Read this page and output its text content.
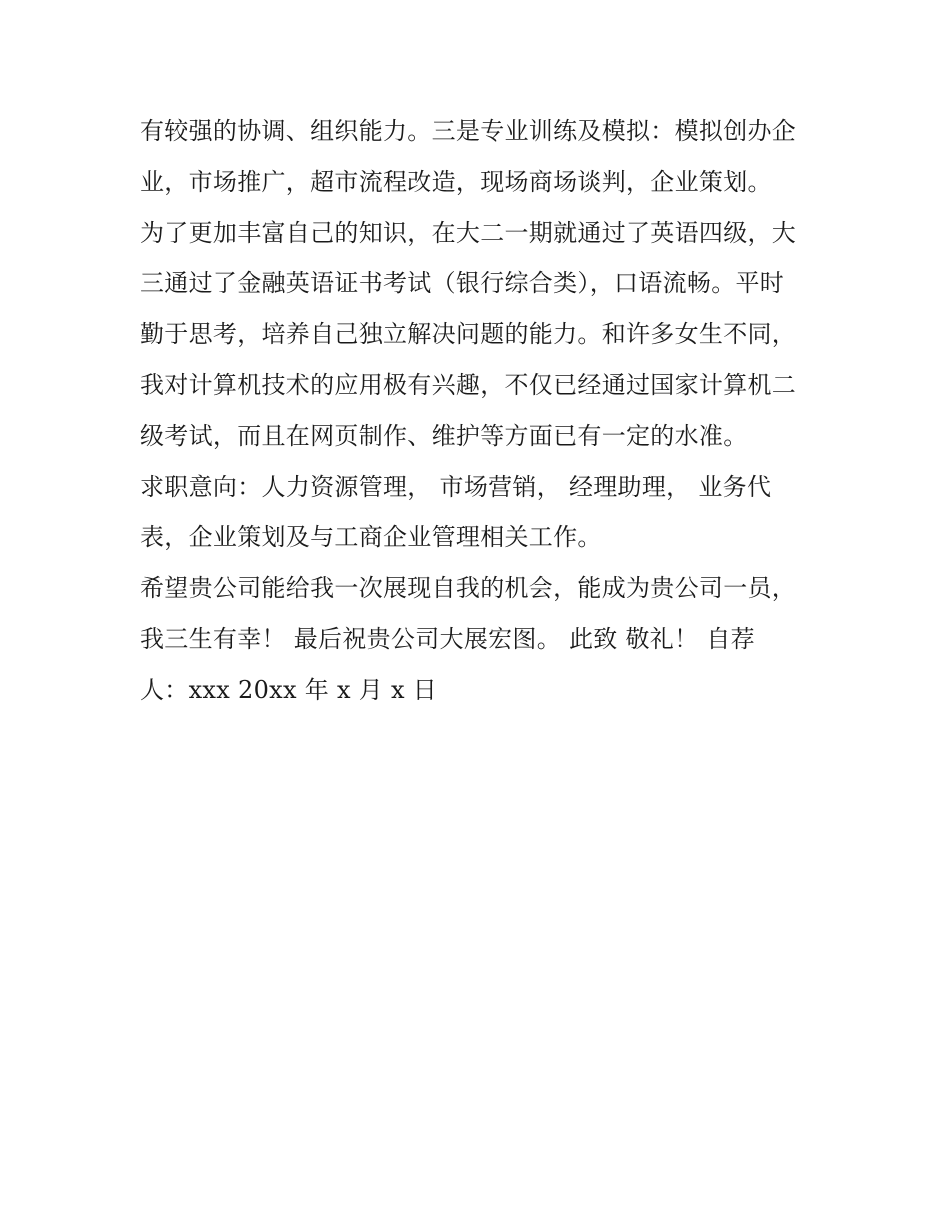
有较强的协调、组织能力。三是专业训练及模拟：模拟创办企
业，市场推广，超市流程改造，现场商场谈判，企业策划。
为了更加丰富自己的知识，在大二一期就通过了英语四级，大
三通过了金融英语证书考试（银行综合类），口语流畅。平时
勤于思考，培养自己独立解决问题的能力。和许多女生不同，
我对计算机技术的应用极有兴趣，不仅已经通过国家计算机二
级考试，而且在网页制作、维护等方面已有一定的水准。
求职意向：人力资源管理， 市场营销， 经理助理， 业务代
表，企业策划及与工商企业管理相关工作。
希望贵公司能给我一次展现自我的机会，能成为贵公司一员，
我三生有幸！ 最后祝贵公司大展宏图。 此致 敬礼！ 自荐
人：xxx 20xx 年 x 月 x 日
